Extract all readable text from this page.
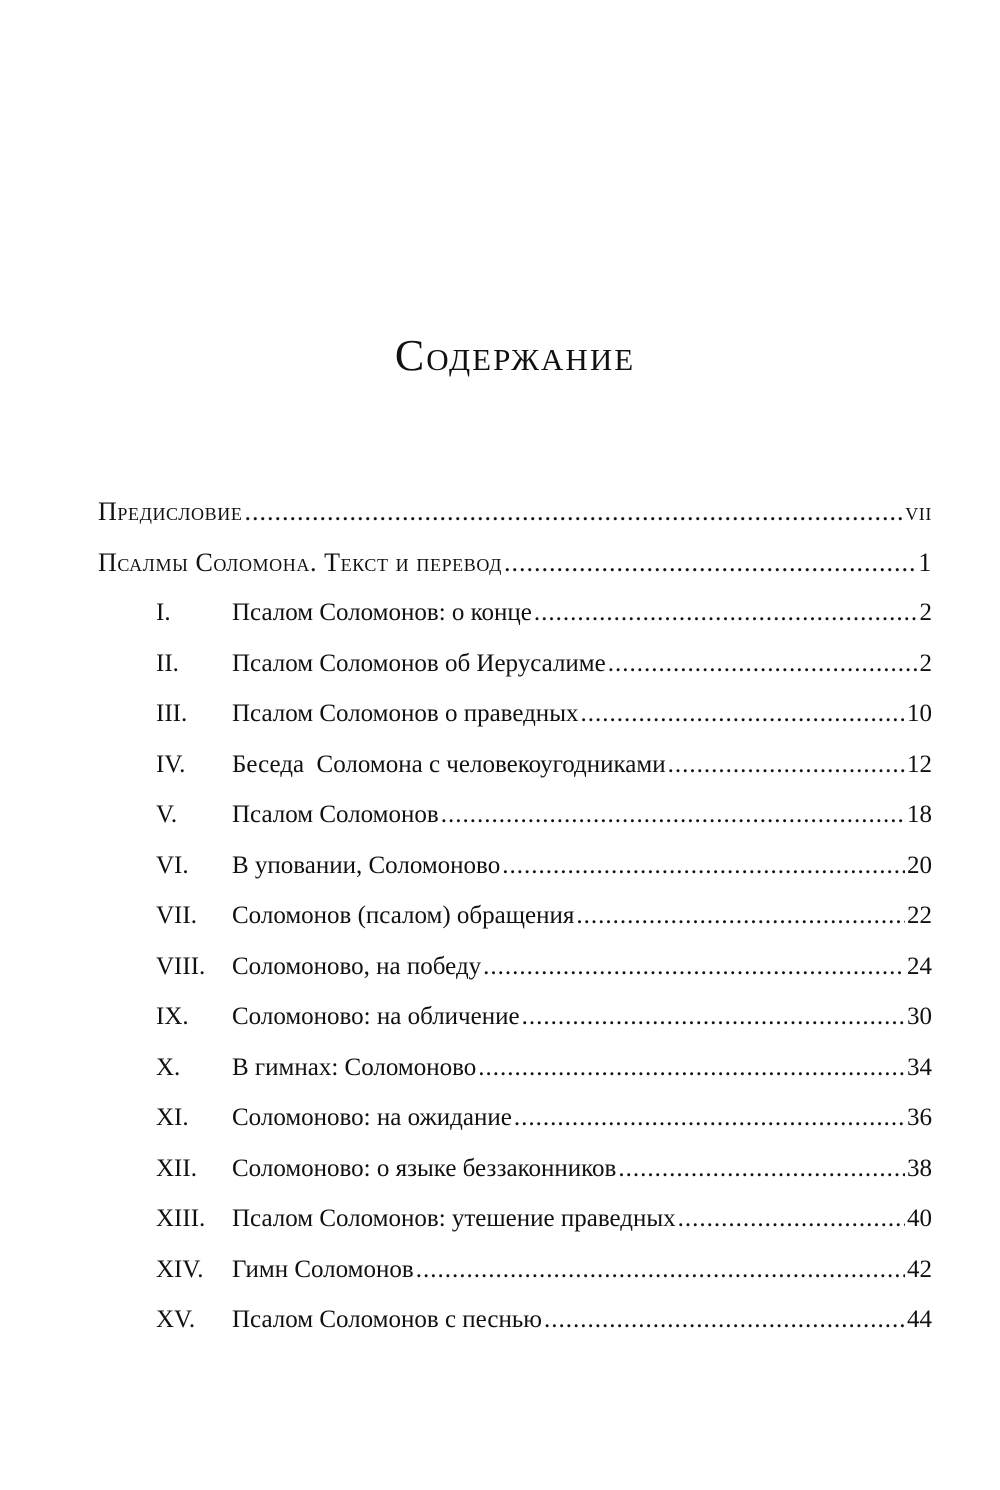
Содержание
Предисловие .....	vii
Псалмы Соломона. Текст и перевод .....	1
I.	Псалом Соломонов: о конце .....	2
II.	Псалом Соломонов об Иерусалиме .....	2
III.	Псалом Соломонов о праведных .....	10
IV.	Беседа  Соломона с человекоугодниками .....	12
V.	Псалом Соломонов .....	18
VI.	В уповании, Соломоново .....	20
VII.	Соломонов (псалом) обращения .....	22
VIII.	Соломоново, на победу .....	24
IX.	Соломоново: на обличение .....	30
X.	В гимнах: Соломоново .....	34
XI.	Соломоново: на ожидание .....	36
XII.	Соломоново: о языке беззаконников .....	38
XIII.	Псалом Соломонов: утешение праведных .....	40
XIV.	Гимн Соломонов .....	42
XV.	Псалом Соломонов с песнью .....	44
